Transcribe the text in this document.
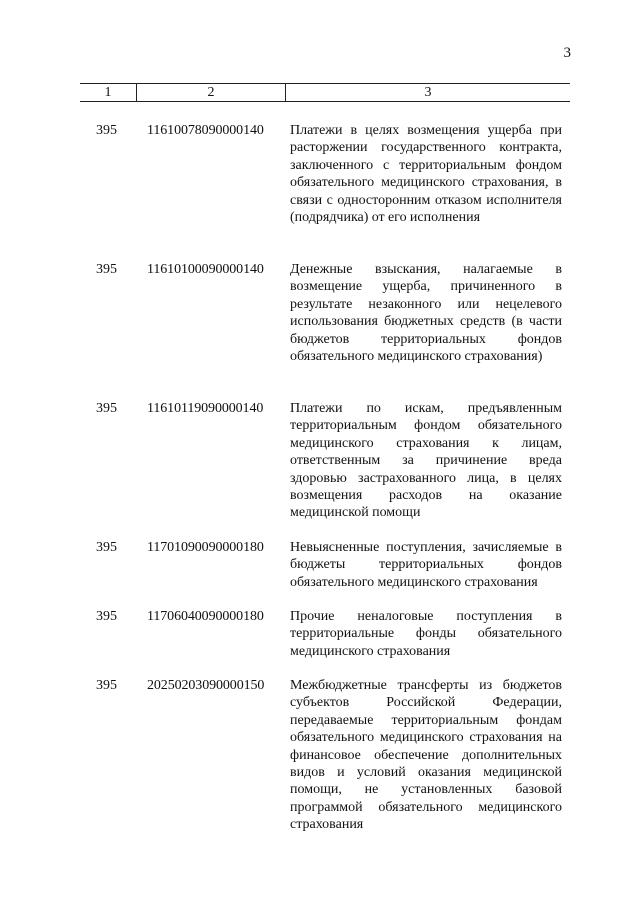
3
1	2	3
395 11610078090000140 Платежи в целях возмещения ущерба при расторжении государственного контракта, заключенного с территориальным фондом обязательного медицинского страхования, в связи с односторонним отказом исполнителя (подрядчика) от его исполнения
395 11610100090000140 Денежные взыскания, налагаемые в возмещение ущерба, причиненного в результате незаконного или нецелевого использования бюджетных средств (в части бюджетов территориальных фондов обязательного медицинского страхования)
395 11610119090000140 Платежи по искам, предъявленным территориальным фондом обязательного медицинского страхования к лицам, ответственным за причинение вреда здоровью застрахованного лица, в целях возмещения расходов на оказание медицинской помощи
395 11701090090000180 Невыясненные поступления, зачисляемые в бюджеты территориальных фондов обязательного медицинского страхования
395 11706040090000180 Прочие неналоговые поступления в территориальные фонды обязательного медицинского страхования
395 20250203090000150 Межбюджетные трансферты из бюджетов субъектов Российской Федерации, передаваемые территориальным фондам обязательного медицинского страхования на финансовое обеспечение дополнительных видов и условий оказания медицинской помощи, не установленных базовой программой обязательного медицинского страхования
